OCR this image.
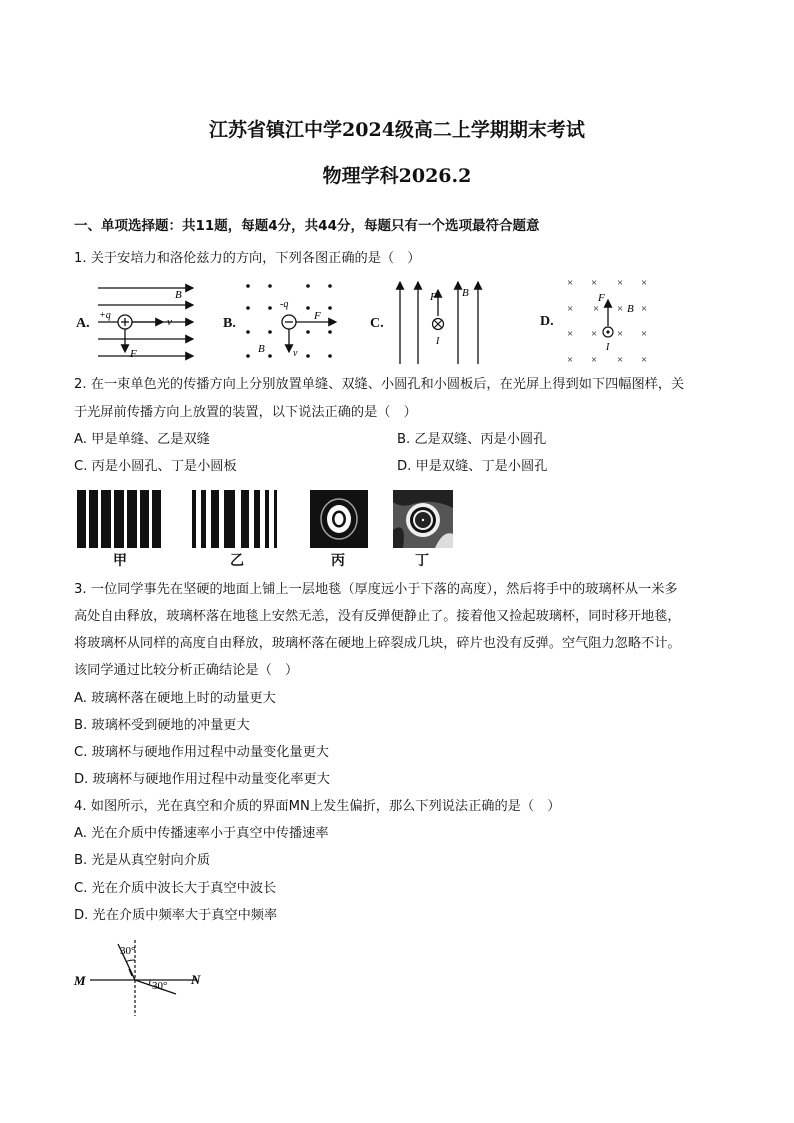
江苏省镇江中学2024级高二上学期期末考试
物理学科2026.2
一、单项选择题：共11题，每题4分，共44分，每题只有一个选项最符合题意
1. 关于安培力和洛伦兹力的方向，下列各图正确的是（　）
A.
B
+q
v
F
B.
-q
F
B	v
C.
F
I
B
D.
× × × ×
× × × ×
× × × ×
× × × ×
F
I
B
2. 在一束单色光的传播方向上分别放置单缝、双缝、小圆孔和小圆板后，在光屏上得到如下四幅图样，关
于光屏前传播方向上放置的装置，以下说法正确的是（　）
A. 甲是单缝、乙是双缝	B. 乙是双缝、丙是小圆孔
C. 丙是小圆孔、丁是小圆板	D. 甲是双缝、丁是小圆孔
甲	乙	丙	丁
3. 一位同学事先在坚硬的地面上铺上一层地毯（厚度远小于下落的高度），然后将手中的玻璃杯从一米多
高处自由释放，玻璃杯落在地毯上安然无恙，没有反弹便静止了。接着他又捡起玻璃杯，同时移开地毯，
将玻璃杯从同样的高度自由释放，玻璃杯落在硬地上碎裂成几块，碎片也没有反弹。空气阻力忽略不计。
该同学通过比较分析正确结论是（　）
A. 玻璃杯落在硬地上时的动量更大
B. 玻璃杯受到硬地的冲量更大
C. 玻璃杯与硬地作用过程中动量变化量更大
D. 玻璃杯与硬地作用过程中动量变化率更大
4. 如图所示，光在真空和介质的界面MN上发生偏折，那么下列说法正确的是（　）
A. 光在介质中传播速率小于真空中传播速率
B. 光是从真空射向介质
C. 光在介质中波长大于真空中波长
D. 光在介质中频率大于真空中频率
M	N
30°
30°
